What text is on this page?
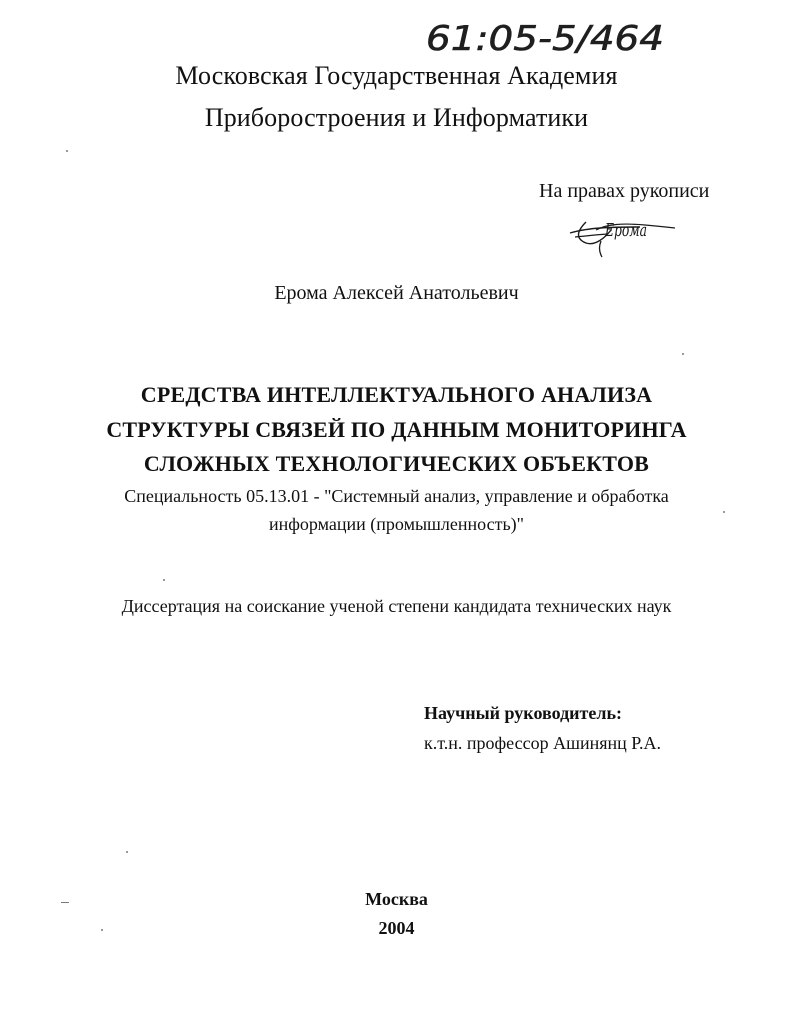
61:05-5/464
Московская Государственная Академия
Приборостроения и Информатики
На правах рукописи
Ерома
Ерома Алексей Анатольевич
СРЕДСТВА ИНТЕЛЛЕКТУАЛЬНОГО АНАЛИЗА
СТРУКТУРЫ СВЯЗЕЙ ПО ДАННЫМ МОНИТОРИНГА
СЛОЖНЫХ ТЕХНОЛОГИЧЕСКИХ ОБЪЕКТОВ
Специальность 05.13.01 - "Системный анализ, управление и обработка
информации (промышленность)"
Диссертация на соискание ученой степени кандидата технических наук
Научный руководитель:
к.т.н. профессор Ашинянц Р.А.
Москва
2004
